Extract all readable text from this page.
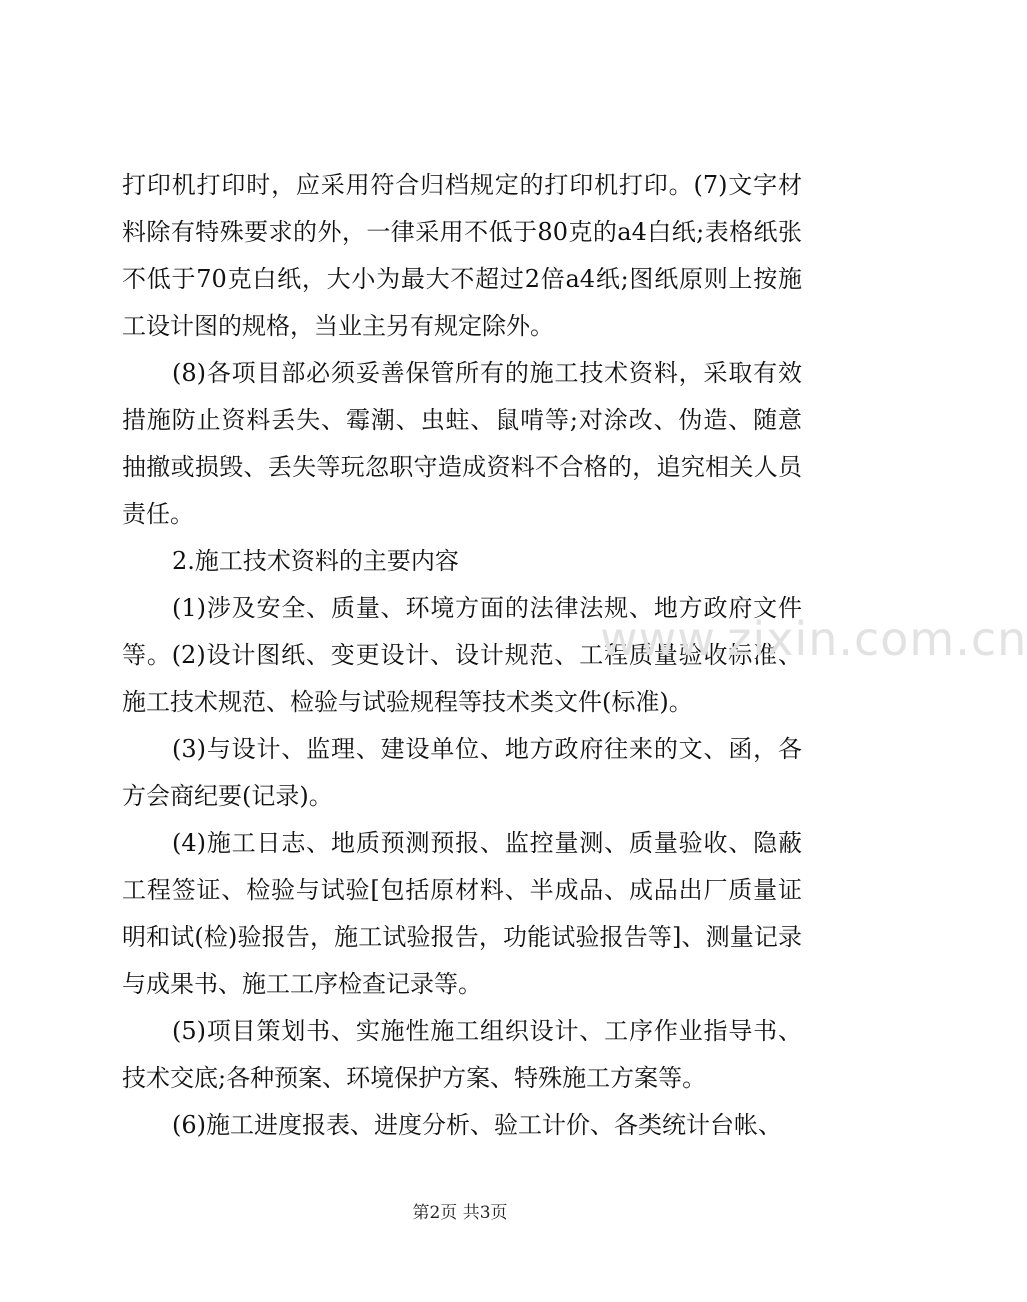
打印机打印时，应采用符合归档规定的打印机打印。(7)文字材料除有特殊要求的外，一律采用不低于80克的a4白纸;表格纸张不低于70克白纸，大小为最大不超过2倍a4纸;图纸原则上按施工设计图的规格，当业主另有规定除外。

(8)各项目部必须妥善保管所有的施工技术资料，采取有效措施防止资料丢失、霉潮、虫蛀、鼠啃等;对涂改、伪造、随意抽撤或损毁、丢失等玩忽职守造成资料不合格的，追究相关人员责任。

2.施工技术资料的主要内容

(1)涉及安全、质量、环境方面的法律法规、地方政府文件等。(2)设计图纸、变更设计、设计规范、工程质量验收标准、施工技术规范、检验与试验规程等技术类文件(标准)。

(3)与设计、监理、建设单位、地方政府往来的文、函，各方会商纪要(记录)。

(4)施工日志、地质预测预报、监控量测、质量验收、隐蔽工程签证、检验与试验[包括原材料、半成品、成品出厂质量证明和试(检)验报告，施工试验报告，功能试验报告等]、测量记录与成果书、施工工序检查记录等。

(5)项目策划书、实施性施工组织设计、工序作业指导书、技术交底;各种预案、环境保护方案、特殊施工方案等。

(6)施工进度报表、进度分析、验工计价、各类统计台帐、

www.zixin.com.cn
第2页 共3页
